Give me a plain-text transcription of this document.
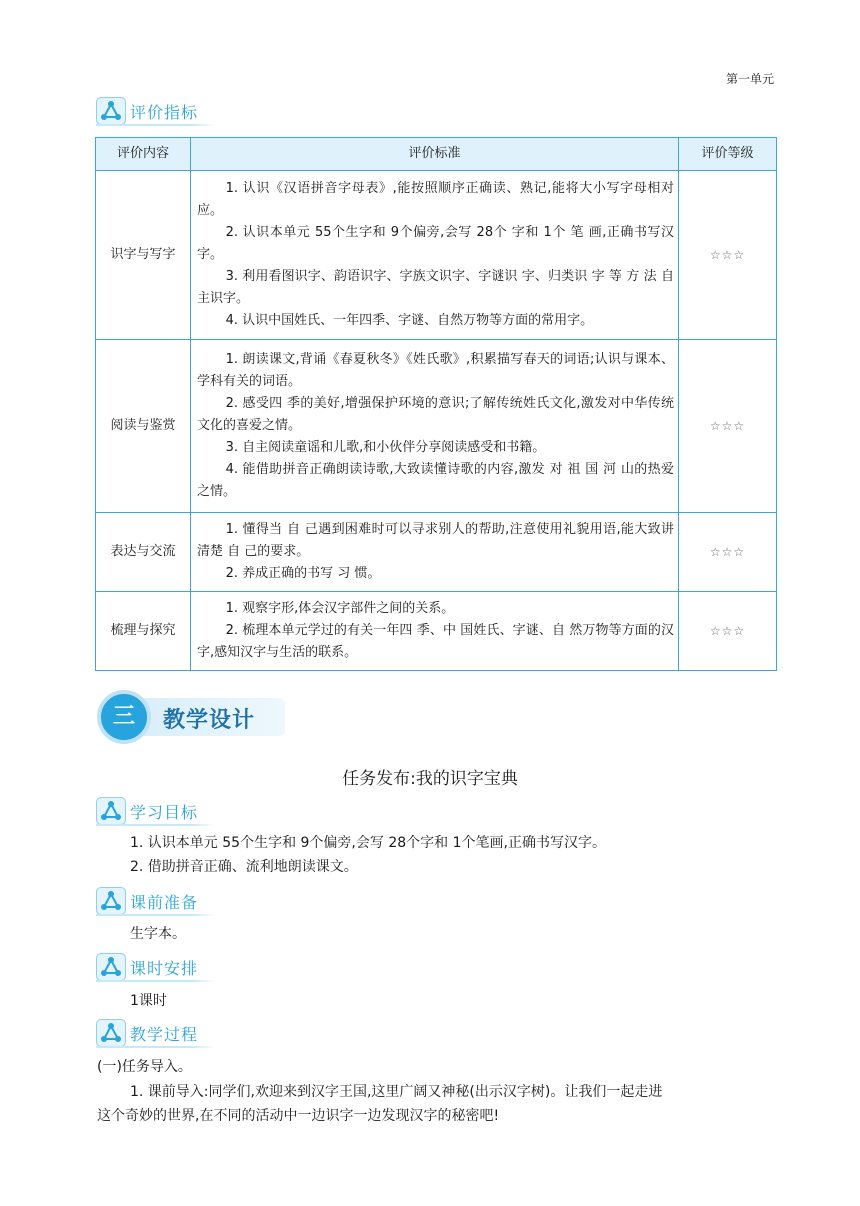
第一单元
评价指标
评价内容	评价标准	评价等级
识字与写字	1. 认识《汉语拼音字母表》,能按照顺序正确读、熟记,能将大小写字母相对应。

2. 认识本单元 55个生字和 9个偏旁,会写 28个 字和 1个 笔 画,正确书写汉字。

3. 利用看图识字、韵语识字、字族文识字、字谜识 字、归类识 字 等 方 法 自主识字。

4. 认识中国姓氏、一年四季、字谜、自然万物等方面的常用字。	☆☆☆
阅读与鉴赏	1. 朗读课文,背诵《春夏秋冬》《姓氏歌》,积累描写春天的词语;认识与课本、学科有关的词语。

2. 感受四 季的美好,增强保护环境的意识;了解传统姓氏文化,激发对中华传统文化的喜爱之情。

3. 自主阅读童谣和儿歌,和小伙伴分享阅读感受和书籍。

4. 能借助拼音正确朗读诗歌,大致读懂诗歌的内容,激发 对 祖 国 河 山的热爱之情。	☆☆☆
表达与交流	1. 懂得当 自 己遇到困难时可以寻求别人的帮助,注意使用礼貌用语,能大致讲清楚 自 己的要求。

2. 养成正确的书写 习 惯。	☆☆☆
梳理与探究	1. 观察字形,体会汉字部件之间的关系。

2. 梳理本单元学过的有关一年四 季、中 国姓氏、字谜、自 然万物等方面的汉字,感知汉字与生活的联系。	☆☆☆
三	教学设计
任务发布:我的识字宝典
学习目标
1. 认识本单元 55个生字和 9个偏旁,会写 28个字和 1个笔画,正确书写汉字。
2. 借助拼音正确、流利地朗读课文。
课前准备
生字本。
课时安排
1课时
教学过程
(一)任务导入。
1. 课前导入:同学们,欢迎来到汉字王国,这里广阔又神秘(出示汉字树)。让我们一起走进
这个奇妙的世界,在不同的活动中一边识字一边发现汉字的秘密吧!
